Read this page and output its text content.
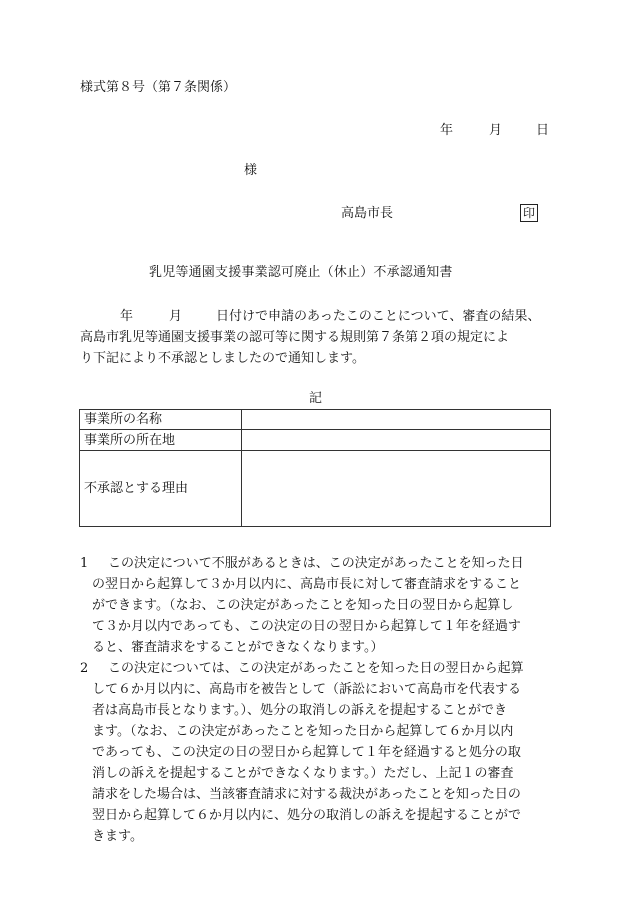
様式第８号（第７条関係）
年	月	日
様
高島市長	印
乳児等通園支援事業認可廃止（休止）不承認通知書
年	月	日付けで申請のあったこのことについて、審査の結果、
高島市乳児等通園支援事業の認可等に関する規則第７条第２項の規定によ
り下記により不承認としましたので通知します。
記
事業所の名称	
事業所の所在地	
不承認とする理由	
1 この決定について不服があるときは、この決定があったことを知った日
の翌日から起算して３か月以内に、高島市長に対して審査請求をすること
ができます。（なお、この決定があったことを知った日の翌日から起算し
て３か月以内であっても、この決定の日の翌日から起算して１年を経過す
ると、審査請求をすることができなくなります。）
2 この決定については、この決定があったことを知った日の翌日から起算
して６か月以内に、高島市を被告として（訴訟において高島市を代表する
者は高島市長となります。）、処分の取消しの訴えを提起することができ
ます。（なお、この決定があったことを知った日から起算して６か月以内
であっても、この決定の日の翌日から起算して１年を経過すると処分の取
消しの訴えを提起することができなくなります。）ただし、上記１の審査
請求をした場合は、当該審査請求に対する裁決があったことを知った日の
翌日から起算して６か月以内に、処分の取消しの訴えを提起することがで
きます。
